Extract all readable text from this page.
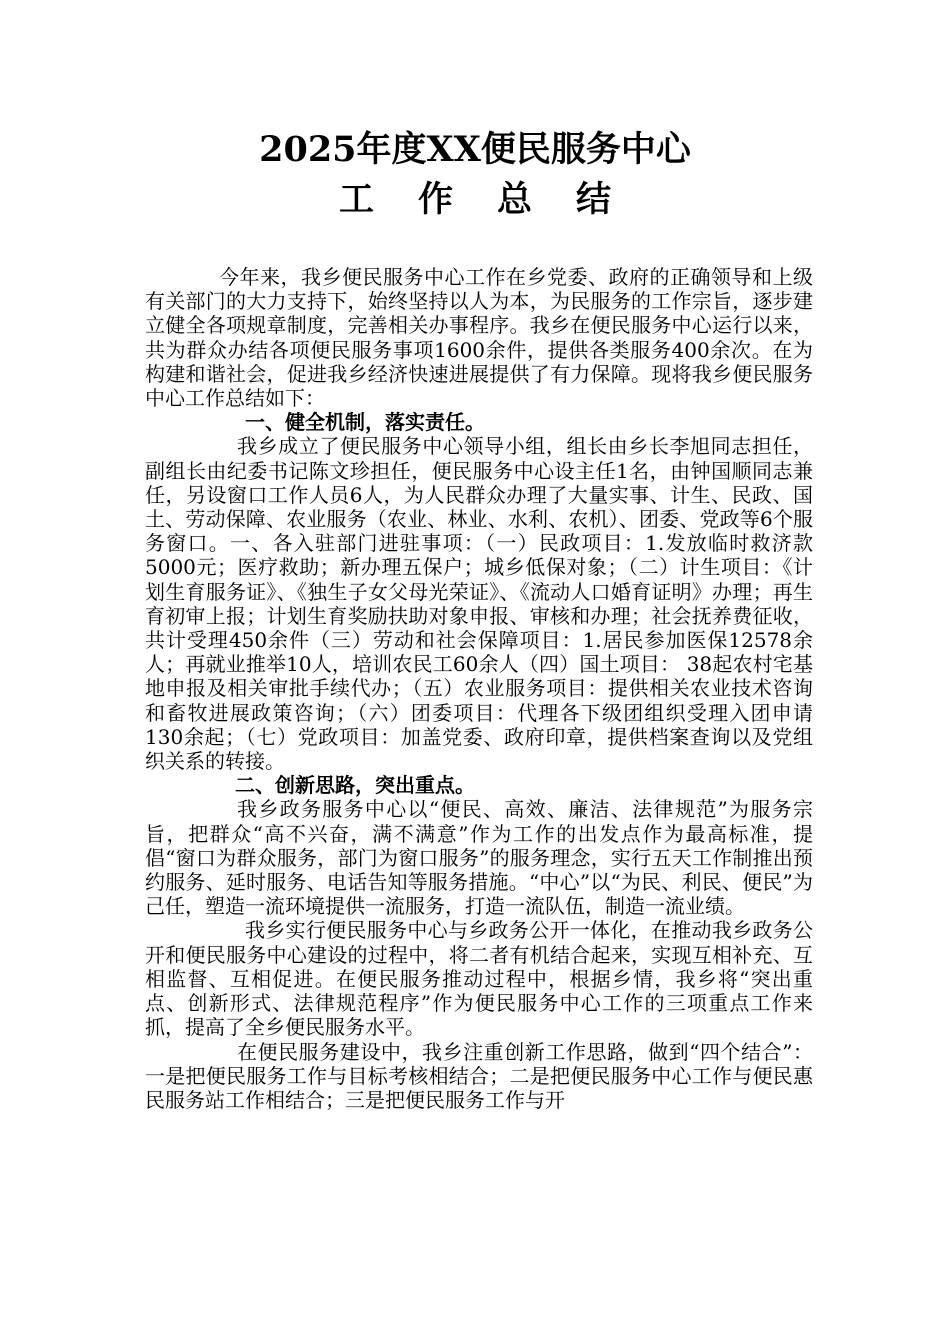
2025年度XX便民服务中心
工作总结

今年来，我乡便民服务中心工作在乡党委、政府的正确领导和上级有关部门的大力支持下，始终坚持以人为本，为民服务的工作宗旨，逐步建立健全各项规章制度，完善相关办事程序。我乡在便民服务中心运行以来，共为群众办结各项便民服务事项1600余件，提供各类服务400余次。在为构建和谐社会，促进我乡经济快速进展提供了有力保障。现将我乡便民服务中心工作总结如下：

一、健全机制，落实责任。

我乡成立了便民服务中心领导小组，组长由乡长李旭同志担任，副组长由纪委书记陈文珍担任，便民服务中心设主任1名，由钟国顺同志兼任，另设窗口工作人员6人，为人民群众办理了大量实事、计生、民政、国土、劳动保障、农业服务（农业、林业、水利、农机）、团委、党政等6个服务窗口。一、各入驻部门进驻事项：（一）民政项目：1.发放临时救济款5000元；医疗救助；新办理五保户；城乡低保对象；（二）计生项目：《计划生育服务证》、《独生子女父母光荣证》、《流动人口婚育证明》办理；再生育初审上报；计划生育奖励扶助对象申报、审核和办理；社会抚养费征收，共计受理450余件（三）劳动和社会保障项目：1.居民参加医保12578余人；再就业推举10人，培训农民工60余人（四）国土项目： 38起农村宅基地申报及相关审批手续代办；（五）农业服务项目：提供相关农业技术咨询和畜牧进展政策咨询；（六）团委项目：代理各下级团组织受理入团申请130余起；（七）党政项目：加盖党委、政府印章，提供档案查询以及党组织关系的转接。

二、创新思路，突出重点。

我乡政务服务中心以“便民、高效、廉洁、法律规范”为服务宗旨，把群众“高不兴奋，满不满意”作为工作的出发点作为最高标准，提倡“窗口为群众服务，部门为窗口服务”的服务理念，实行五天工作制推出预约服务、延时服务、电话告知等服务措施。“中心”以“为民、利民、便民”为己任，塑造一流环境提供一流服务，打造一流队伍，制造一流业绩。

我乡实行便民服务中心与乡政务公开一体化，在推动我乡政务公开和便民服务中心建设的过程中，将二者有机结合起来，实现互相补充、互相监督、互相促进。在便民服务推动过程中，根据乡情，我乡将“突出重点、创新形式、法律规范程序”作为便民服务中心工作的三项重点工作来抓，提高了全乡便民服务水平。

在便民服务建设中，我乡注重创新工作思路，做到“四个结合”：一是把便民服务工作与目标考核相结合；二是把便民服务中心工作与便民惠民服务站工作相结合；三是把便民服务工作与开
